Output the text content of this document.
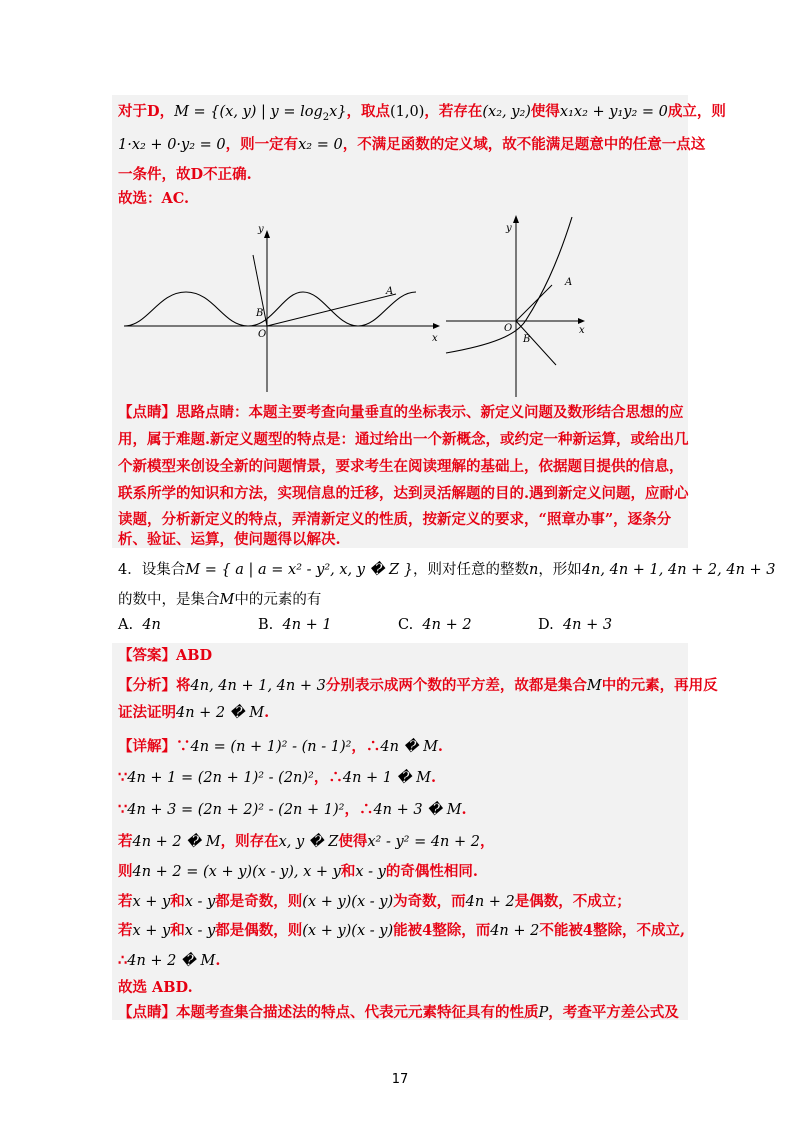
对于D，M = {(x, y) | $y = \log_2x$}，取点(1,0)，若存在(x₂, y₂)使得x₁x₂ + y₁y₂ = 0成立，则
1·x₂ + 0·y₂ = 0，则一定有x₂ = 0，不满足函数的定义域，故不能满足题意中的任意一点这
一条件，故D不正确.
故选：AC.
y
x
O
A
B
y
x
O
A
B
【点睛】思路点睛：本题主要考查向量垂直的坐标表示、新定义问题及数形结合思想的应
用，属于难题.新定义题型的特点是：通过给出一个新概念，或约定一种新运算，或给出几
个新模型来创设全新的问题情景，要求考生在阅读理解的基础上，依据题目提供的信息，
联系所学的知识和方法，实现信息的迁移，达到灵活解题的目的.遇到新定义问题，应耐心
读题，分析新定义的特点，弄清新定义的性质，按新定义的要求，“照章办事”，逐条分
析、验证、运算，使问题得以解决.
4．设集合M = { a | a = x² - y², x, y � Z }，则对任意的整数n，形如4n, 4n + 1, 4n + 2, 4n + 3
的数中，是集合M中的元素的有
A. 4n	B. 4n + 1	C. 4n + 2	D. 4n + 3
【答案】ABD
【分析】将4n, 4n + 1, 4n + 3分别表示成两个数的平方差，故都是集合M中的元素，再用反
证法证明4n + 2 � M.
【详解】∵4n = (n + 1)² - (n - 1)²，∴4n � M.
∵4n + 1 = (2n + 1)² - (2n)²，∴4n + 1 � M.
∵4n + 3 = (2n + 2)² - (2n + 1)²，∴4n + 3 � M.
若4n + 2 � M，则存在x, y � Z使得x² - y² = 4n + 2，
则4n + 2 = (x + y)(x - y), x + y和x - y的奇偶性相同.
若x + y和x - y都是奇数，则(x + y)(x - y)为奇数，而4n + 2是偶数，不成立；
若x + y和x - y都是偶数，则(x + y)(x - y)能被4整除，而4n + 2不能被4整除，不成立,
∴4n + 2 � M.
故选 ABD.
【点睛】本题考查集合描述法的特点、代表元元素特征具有的性质P，考查平方差公式及
17
